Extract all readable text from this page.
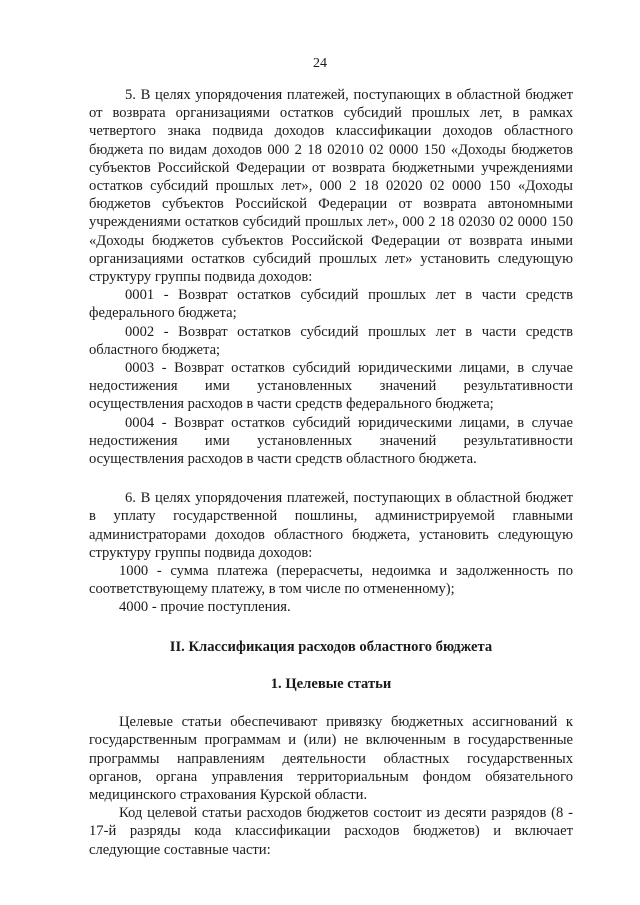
24

5. В целях упорядочения платежей, поступающих в областной бюджет от возврата организациями остатков субсидий прошлых лет, в рамках четвертого знака подвида доходов классификации доходов областного бюджета по видам доходов 000 2 18 02010 02 0000 150 «Доходы бюджетов субъектов Российской Федерации от возврата бюджетными учреждениями остатков субсидий прошлых лет», 000 2 18 02020 02 0000 150 «Доходы бюджетов субъектов Российской Федерации от возврата автономными учреждениями остатков субсидий прошлых лет», 000 2 18 02030 02 0000 150 «Доходы бюджетов субъектов Российской Федерации от возврата иными организациями остатков субсидий прошлых лет» установить следующую структуру группы подвида доходов:

0001 - Возврат остатков субсидий прошлых лет в части средств федерального бюджета;

0002 - Возврат остатков субсидий прошлых лет в части средств областного бюджета;

0003 - Возврат остатков субсидий юридическими лицами, в случае недостижения ими установленных значений результативности осуществления расходов в части средств федерального бюджета;

0004 - Возврат остатков субсидий юридическими лицами, в случае недостижения ими установленных значений результативности осуществления расходов в части средств областного бюджета.

6. В целях упорядочения платежей, поступающих в областной бюджет в уплату государственной пошлины, администрируемой главными администраторами доходов областного бюджета, установить следующую структуру группы подвида доходов:

1000 - сумма платежа (перерасчеты, недоимка и задолженность по соответствующему платежу, в том числе по отмененному);

4000 - прочие поступления.

II. Классификация расходов областного бюджета
1. Целевые статьи

Целевые статьи обеспечивают привязку бюджетных ассигнований к государственным программам и (или) не включенным в государственные программы направлениям деятельности областных государственных органов, органа управления территориальным фондом обязательного медицинского страхования Курской области.

Код целевой статьи расходов бюджетов состоит из десяти разрядов (8 - 17-й разряды кода классификации расходов бюджетов) и включает следующие составные части:
